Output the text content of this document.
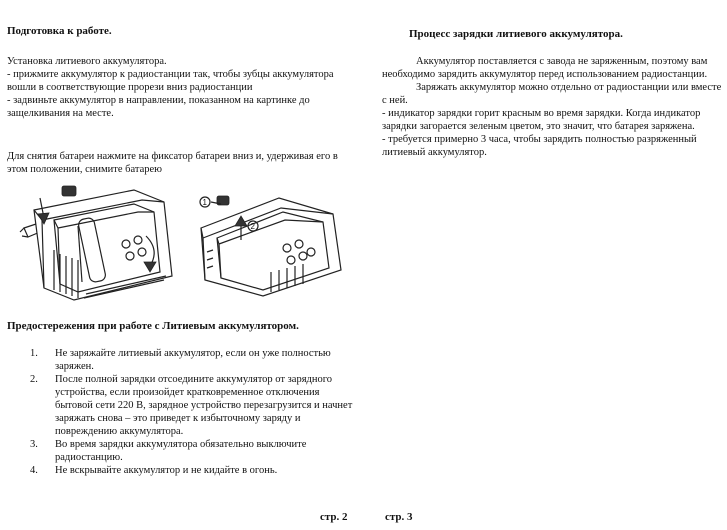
Подготовка к работе.

Установка литиевого аккумулятора.

- прижмите аккумулятор к радиостанции так, чтобы зубцы аккумулятора вошли в соответствующие прорези вниз радиостанции

- задвиньте аккумулятор в направлении, показанном на картинке до защелкивания на месте.

Для снятия батареи нажмите на фиксатор батареи вниз и, удерживая его в этом положении, снимите батарею

1
2

Предостережения при работе с Литиевым аккумулятором.

1. Не заряжайте литиевый аккумулятор, если он уже полностью заряжен.
2. После полной зарядки отсоедините аккумулятор от зарядного устройства, если произойдет кратковременное отключения бытовой сети 220 В, зарядное устройство перезагрузится и начнет заряжать снова – это приведет к избыточному заряду и повреждению аккумулятора.
3. Во время зарядки аккумулятора обязательно выключите радиостанцию.
4. Не вскрывайте аккумулятор и не кидайте в огонь.
стр. 2

Процесс зарядки литиевого аккумулятора.

Аккумулятор поставляется с завода не заряженным, поэтому вам необходимо зарядить аккумулятор перед использованием радиостанции.

Заряжать аккумулятор можно отдельно от радиостанции или вместе с ней.

- индикатор зарядки горит красным во время зарядки. Когда индикатор зарядки загорается зеленым цветом, это значит, что батарея заряжена.

- требуется примерно 3 часа, чтобы зарядить полностью разряженный литиевый аккумулятор.

стр. 3
